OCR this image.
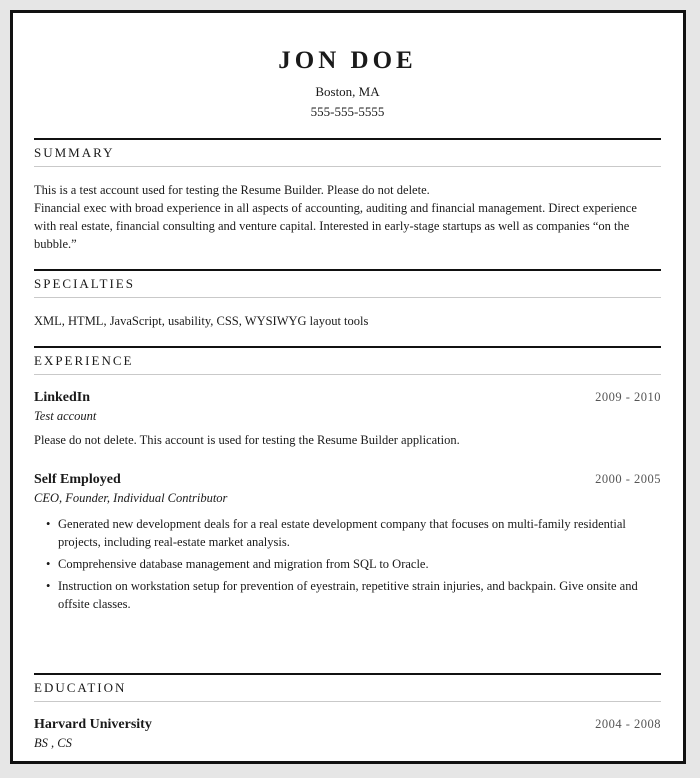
JON DOE
Boston, MA
555-555-5555
SUMMARY
This is a test account used for testing the Resume Builder. Please do not delete.
Financial exec with broad experience in all aspects of accounting, auditing and financial management. Direct experience with real estate, financial consulting and venture capital. Interested in early-stage startups as well as companies “on the bubble.”
SPECIALTIES
XML, HTML, JavaScript, usability, CSS, WYSIWYG layout tools
EXPERIENCE
LinkedIn	2009 - 2010
Test account
Please do not delete. This account is used for testing the Resume Builder application.
Self Employed	2000 - 2005
CEO, Founder, Individual Contributor
• Generated new development deals for a real estate development company that focuses on multi-family residential projects, including real-estate market analysis.
• Comprehensive database management and migration from SQL to Oracle.
• Instruction on workstation setup for prevention of eyestrain, repetitive strain injuries, and backpain. Give onsite and offsite classes.
EDUCATION
Harvard University	2004 - 2008
BS , CS
